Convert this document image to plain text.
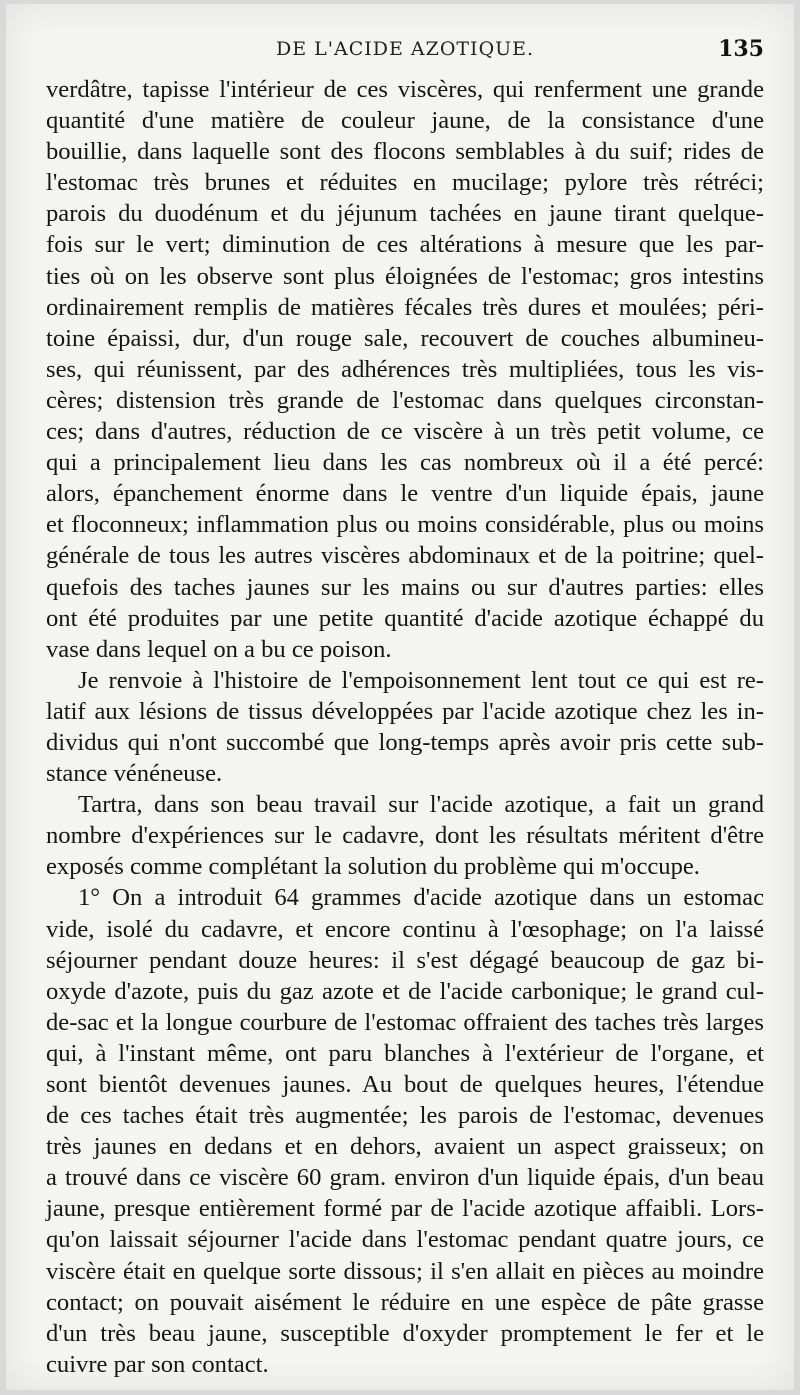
DE L'ACIDE AZOTIQUE.	135
verdâtre, tapisse l'intérieur de ces viscères, qui renferment une grande
quantité d'une matière de couleur jaune, de la consistance d'une
bouillie, dans laquelle sont des flocons semblables à du suif; rides de
l'estomac très brunes et réduites en mucilage; pylore très rétréci;
parois du duodénum et du jéjunum tachées en jaune tirant quelque-
fois sur le vert; diminution de ces altérations à mesure que les par-
ties où on les observe sont plus éloignées de l'estomac; gros intestins
ordinairement remplis de matières fécales très dures et moulées; péri-
toine épaissi, dur, d'un rouge sale, recouvert de couches albumineu-
ses, qui réunissent, par des adhérences très multipliées, tous les vis-
cères; distension très grande de l'estomac dans quelques circonstan-
ces; dans d'autres, réduction de ce viscère à un très petit volume, ce
qui a principalement lieu dans les cas nombreux où il a été percé:
alors, épanchement énorme dans le ventre d'un liquide épais, jaune
et floconneux; inflammation plus ou moins considérable, plus ou moins
générale de tous les autres viscères abdominaux et de la poitrine; quel-
quefois des taches jaunes sur les mains ou sur d'autres parties: elles
ont été produites par une petite quantité d'acide azotique échappé du
vase dans lequel on a bu ce poison.
Je renvoie à l'histoire de l'empoisonnement lent tout ce qui est re-
latif aux lésions de tissus développées par l'acide azotique chez les in-
dividus qui n'ont succombé que long-temps après avoir pris cette sub-
stance vénéneuse.
Tartra, dans son beau travail sur l'acide azotique, a fait un grand
nombre d'expériences sur le cadavre, dont les résultats méritent d'être
exposés comme complétant la solution du problème qui m'occupe.
1° On a introduit 64 grammes d'acide azotique dans un estomac
vide, isolé du cadavre, et encore continu à l'œsophage; on l'a laissé
séjourner pendant douze heures: il s'est dégagé beaucoup de gaz bi-
oxyde d'azote, puis du gaz azote et de l'acide carbonique; le grand cul-
de-sac et la longue courbure de l'estomac offraient des taches très larges
qui, à l'instant même, ont paru blanches à l'extérieur de l'organe, et
sont bientôt devenues jaunes. Au bout de quelques heures, l'étendue
de ces taches était très augmentée; les parois de l'estomac, devenues
très jaunes en dedans et en dehors, avaient un aspect graisseux; on
a trouvé dans ce viscère 60 gram. environ d'un liquide épais, d'un beau
jaune, presque entièrement formé par de l'acide azotique affaibli. Lors-
qu'on laissait séjourner l'acide dans l'estomac pendant quatre jours, ce
viscère était en quelque sorte dissous; il s'en allait en pièces au moindre
contact; on pouvait aisément le réduire en une espèce de pâte grasse
d'un très beau jaune, susceptible d'oxyder promptement le fer et le
cuivre par son contact.
